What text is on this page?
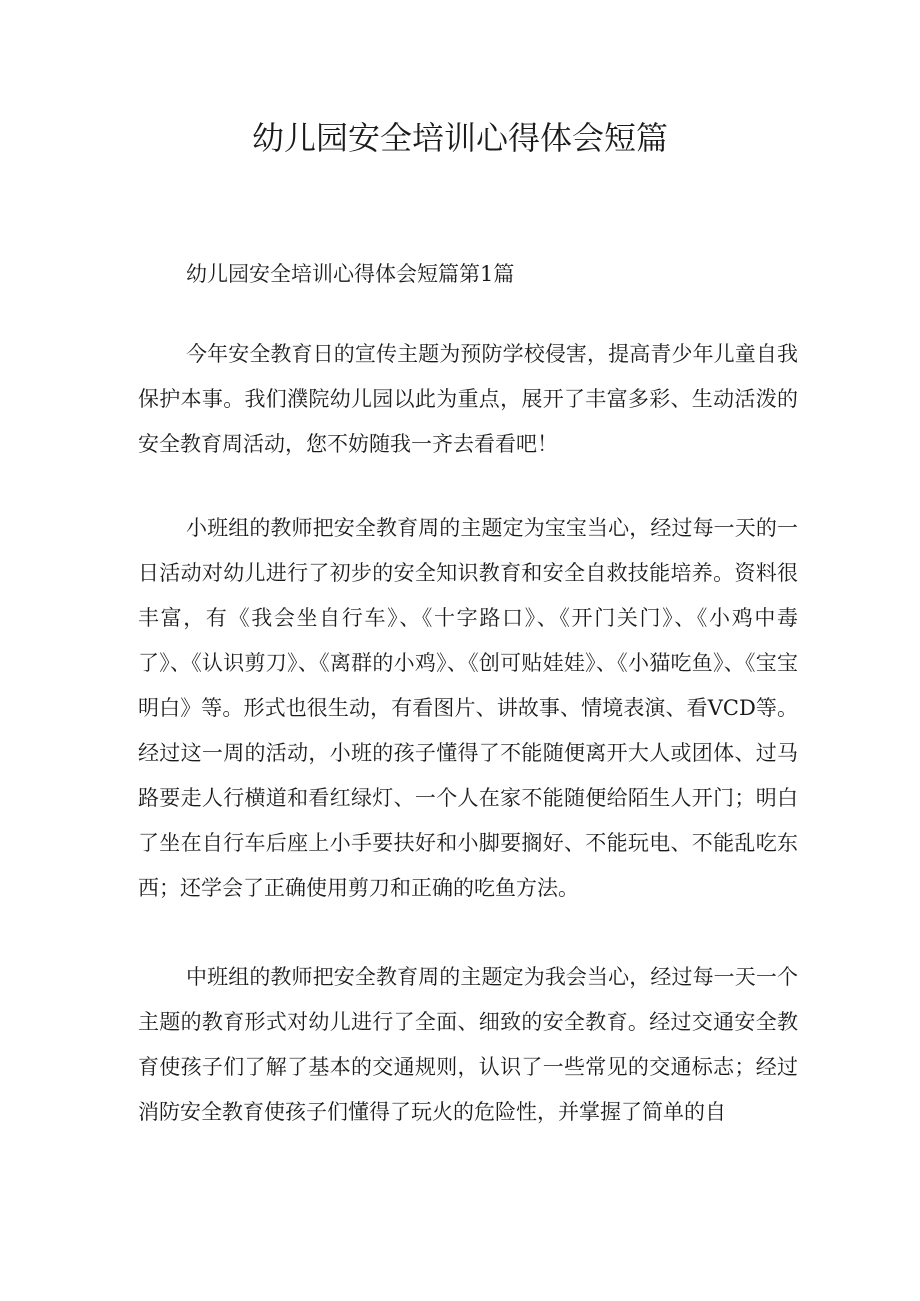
幼儿园安全培训心得体会短篇

幼儿园安全培训心得体会短篇第1篇

今年安全教育日的宣传主题为预防学校侵害，提高青少年儿童自我保护本事。我们濮院幼儿园以此为重点，展开了丰富多彩、生动活泼的安全教育周活动，您不妨随我一齐去看看吧！

小班组的教师把安全教育周的主题定为宝宝当心，经过每一天的一日活动对幼儿进行了初步的安全知识教育和安全自救技能培养。资料很丰富，有《我会坐自行车》、《十字路口》、《开门关门》、《小鸡中毒了》、《认识剪刀》、《离群的小鸡》、《创可贴娃娃》、《小猫吃鱼》、《宝宝明白》等。形式也很生动，有看图片、讲故事、情境表演、看VCD等。经过这一周的活动，小班的孩子懂得了不能随便离开大人或团体、过马路要走人行横道和看红绿灯、一个人在家不能随便给陌生人开门；明白了坐在自行车后座上小手要扶好和小脚要搁好、不能玩电、不能乱吃东西；还学会了正确使用剪刀和正确的吃鱼方法。

中班组的教师把安全教育周的主题定为我会当心，经过每一天一个主题的教育形式对幼儿进行了全面、细致的安全教育。经过交通安全教育使孩子们了解了基本的交通规则，认识了一些常见的交通标志；经过消防安全教育使孩子们懂得了玩火的危险性，并掌握了简单的自
